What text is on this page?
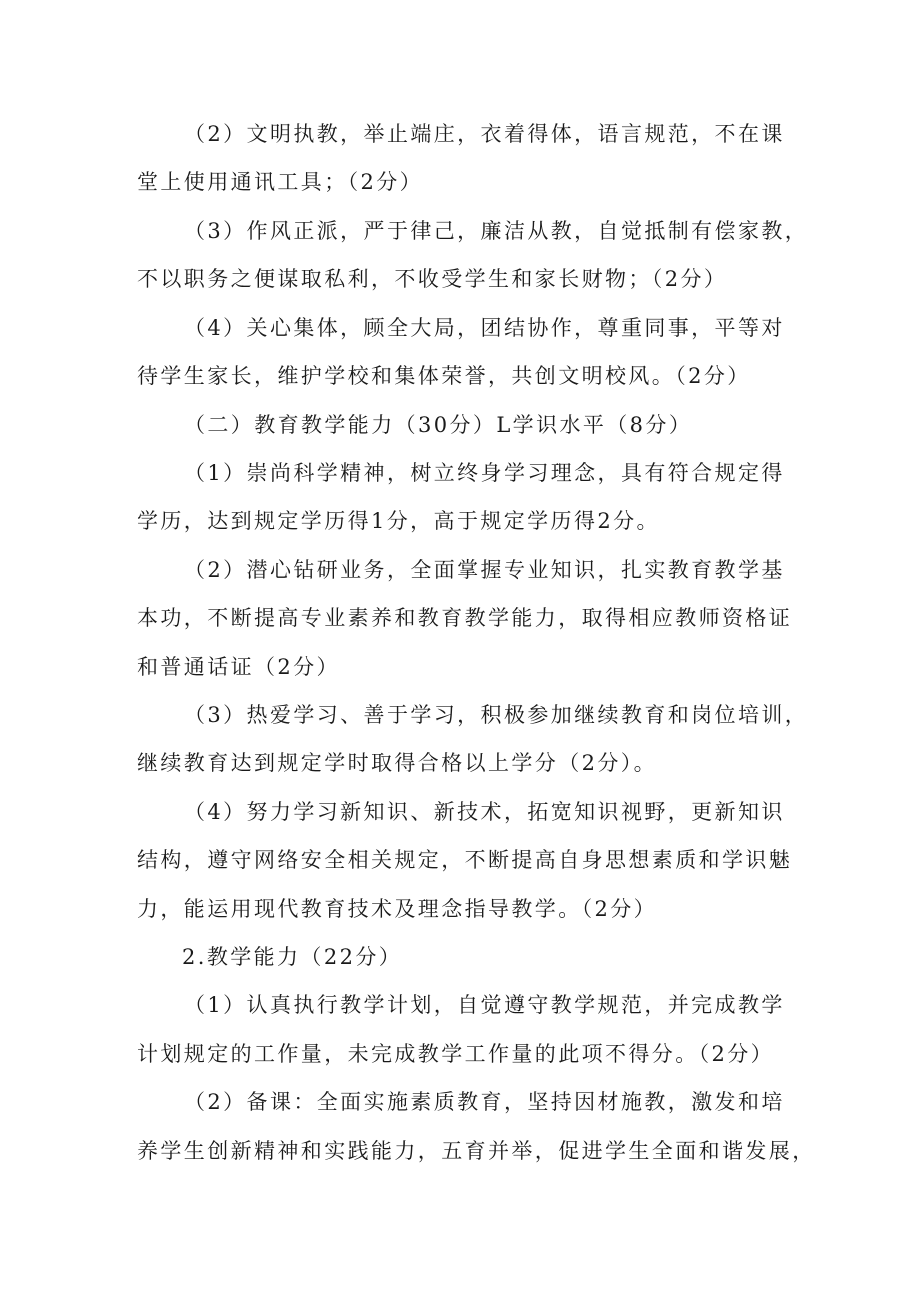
（2）文明执教，举止端庄，衣着得体，语言规范，不在课
堂上使用通讯工具；（2分）
（3）作风正派，严于律己，廉洁从教，自觉抵制有偿家教，
不以职务之便谋取私利，不收受学生和家长财物；（2分）
（4）关心集体，顾全大局，团结协作，尊重同事，平等对
待学生家长，维护学校和集体荣誉，共创文明校风。（2分）
（二）教育教学能力（30分）L学识水平（8分）
（1）崇尚科学精神，树立终身学习理念，具有符合规定得
学历，达到规定学历得1分，高于规定学历得2分。
（2）潜心钻研业务，全面掌握专业知识，扎实教育教学基
本功，不断提高专业素养和教育教学能力，取得相应教师资格证
和普通话证（2分）
（3）热爱学习、善于学习，积极参加继续教育和岗位培训，
继续教育达到规定学时取得合格以上学分（2分）。
（4）努力学习新知识、新技术，拓宽知识视野，更新知识
结构，遵守网络安全相关规定，不断提高自身思想素质和学识魅
力，能运用现代教育技术及理念指导教学。（2分）
2.教学能力（22分）
（1）认真执行教学计划，自觉遵守教学规范，并完成教学
计划规定的工作量，未完成教学工作量的此项不得分。（2分）
（2）备课：全面实施素质教育，坚持因材施教，激发和培
养学生创新精神和实践能力，五育并举，促进学生全面和谐发展，
